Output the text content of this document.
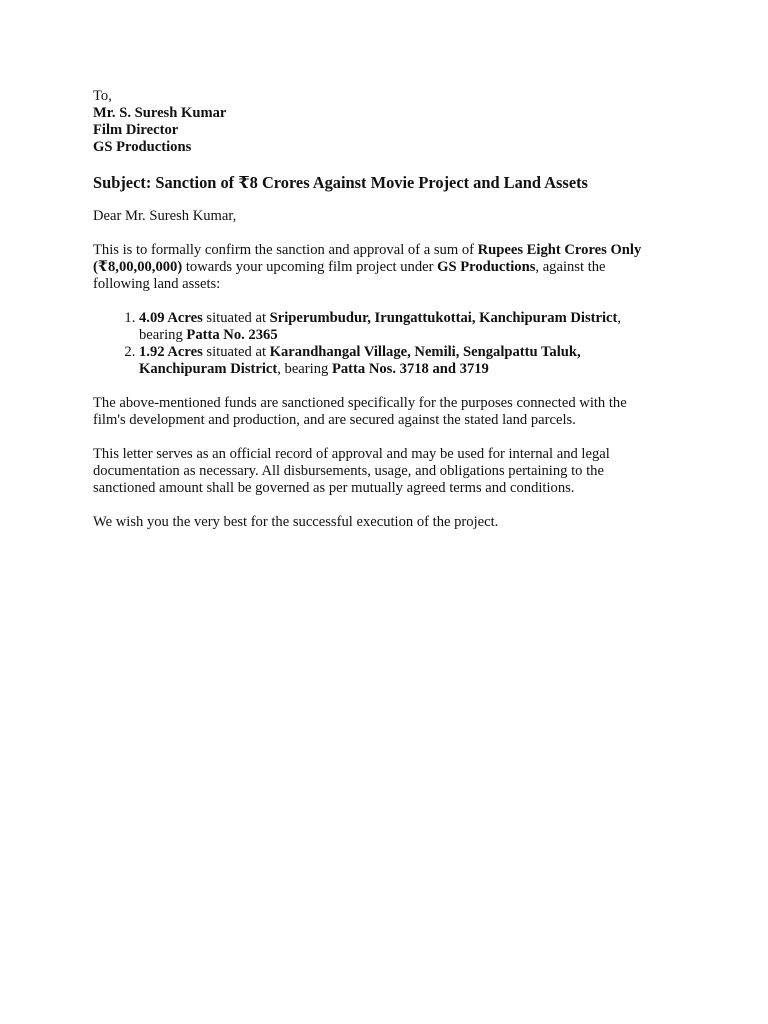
To,
Mr. S. Suresh Kumar
Film Director
GS Productions
Subject: Sanction of ₹8 Crores Against Movie Project and Land Assets
Dear Mr. Suresh Kumar,
This is to formally confirm the sanction and approval of a sum of Rupees Eight Crores Only
(₹8,00,00,000) towards your upcoming film project under GS Productions, against the
following land assets:
1. 4.09 Acres situated at Sriperumbudur, Irungattukottai, Kanchipuram District,
bearing Patta No. 2365
2. 1.92 Acres situated at Karandhangal Village, Nemili, Sengalpattu Taluk,
Kanchipuram District, bearing Patta Nos. 3718 and 3719
The above-mentioned funds are sanctioned specifically for the purposes connected with the
film's development and production, and are secured against the stated land parcels.
This letter serves as an official record of approval and may be used for internal and legal
documentation as necessary. All disbursements, usage, and obligations pertaining to the
sanctioned amount shall be governed as per mutually agreed terms and conditions.
We wish you the very best for the successful execution of the project.
